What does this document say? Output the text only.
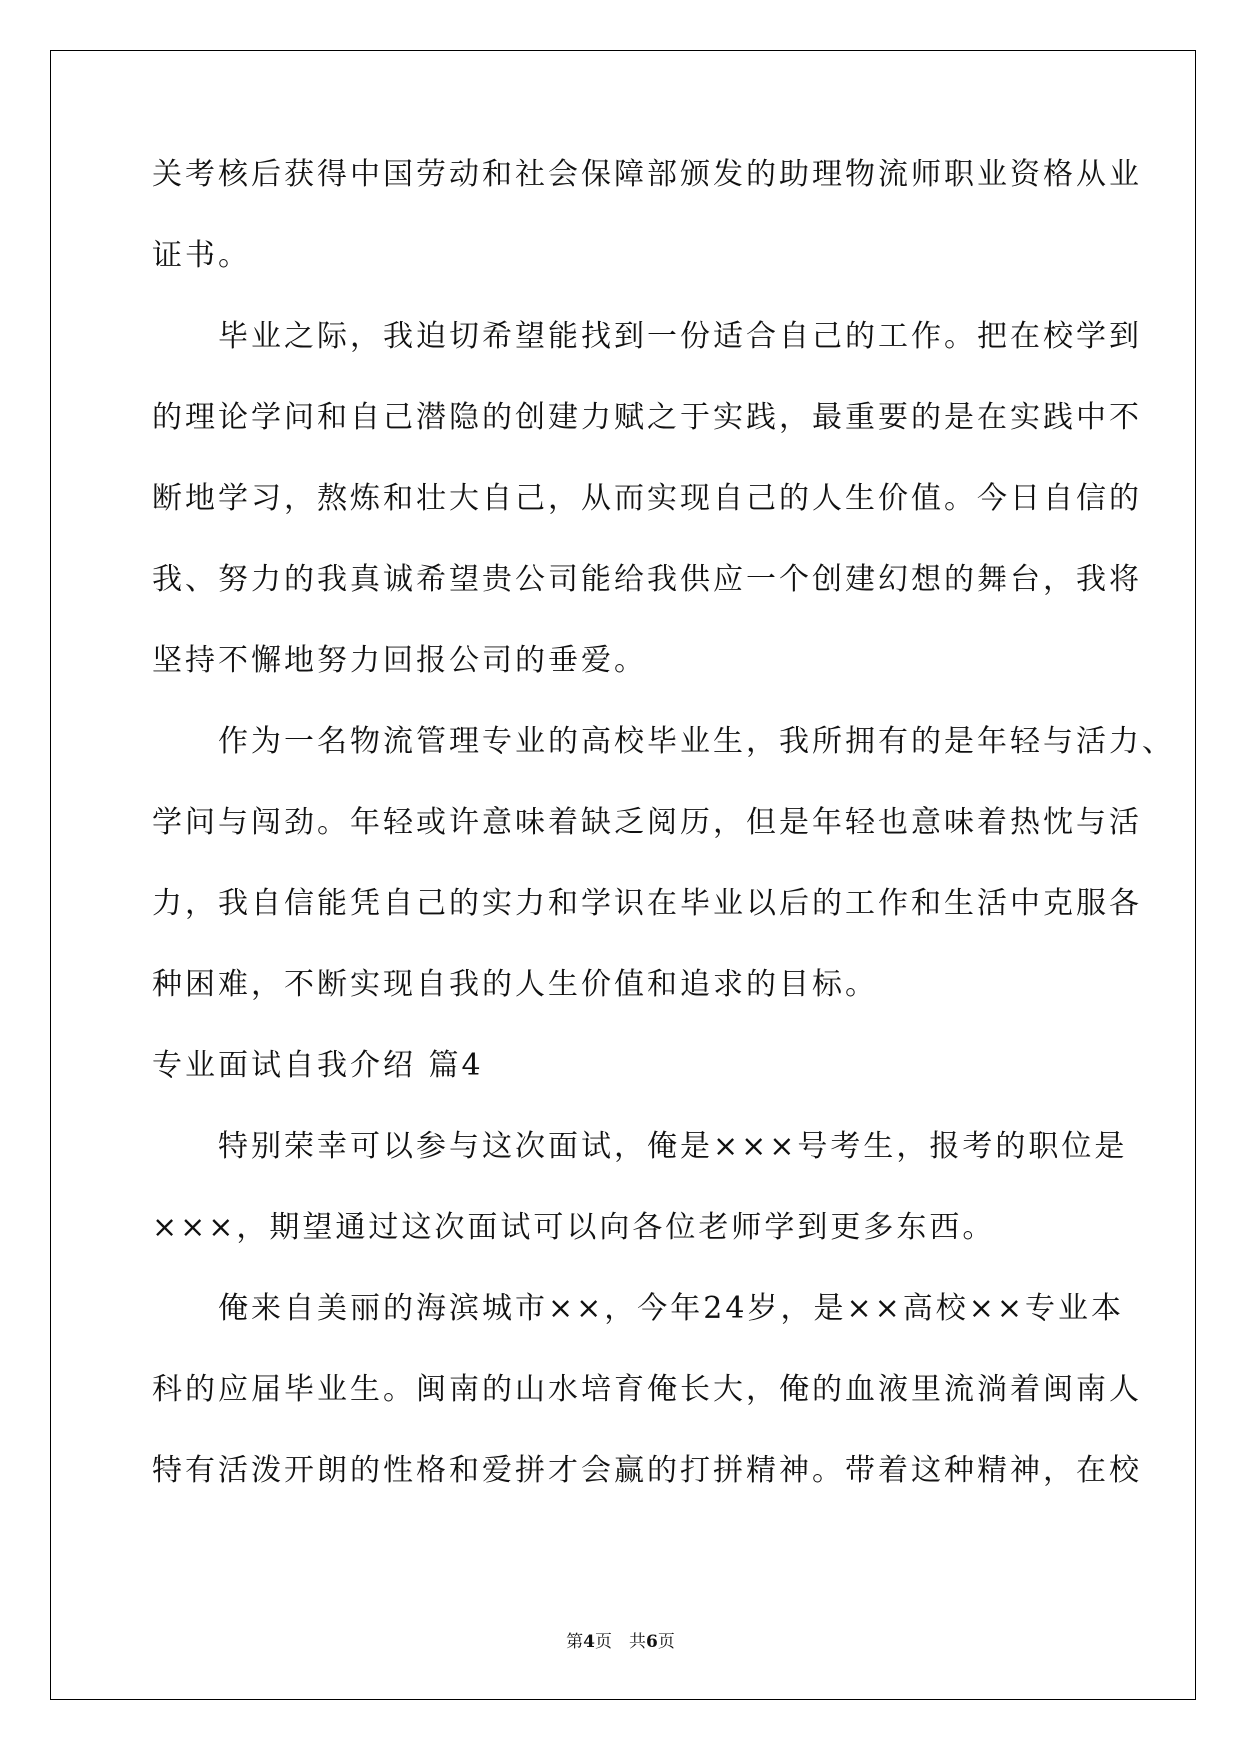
关考核后获得中国劳动和社会保障部颁发的助理物流师职业资格从业
证书。
　　毕业之际，我迫切希望能找到一份适合自己的工作。把在校学到
的理论学问和自己潜隐的创建力赋之于实践，最重要的是在实践中不
断地学习，熬炼和壮大自己，从而实现自己的人生价值。今日自信的
我、努力的我真诚希望贵公司能给我供应一个创建幻想的舞台，我将
坚持不懈地努力回报公司的垂爱。
　　作为一名物流管理专业的高校毕业生，我所拥有的是年轻与活力、
学问与闯劲。年轻或许意味着缺乏阅历，但是年轻也意味着热忱与活
力，我自信能凭自己的实力和学识在毕业以后的工作和生活中克服各
种困难，不断实现自我的人生价值和追求的目标。
专业面试自我介绍 篇4
　　特别荣幸可以参与这次面试，俺是×××号考生，报考的职位是
×××，期望通过这次面试可以向各位老师学到更多东西。
　　俺来自美丽的海滨城市××，今年24岁，是××高校××专业本
科的应届毕业生。闽南的山水培育俺长大，俺的血液里流淌着闽南人
特有活泼开朗的性格和爱拼才会赢的打拼精神。带着这种精神，在校
第4页　共6页
